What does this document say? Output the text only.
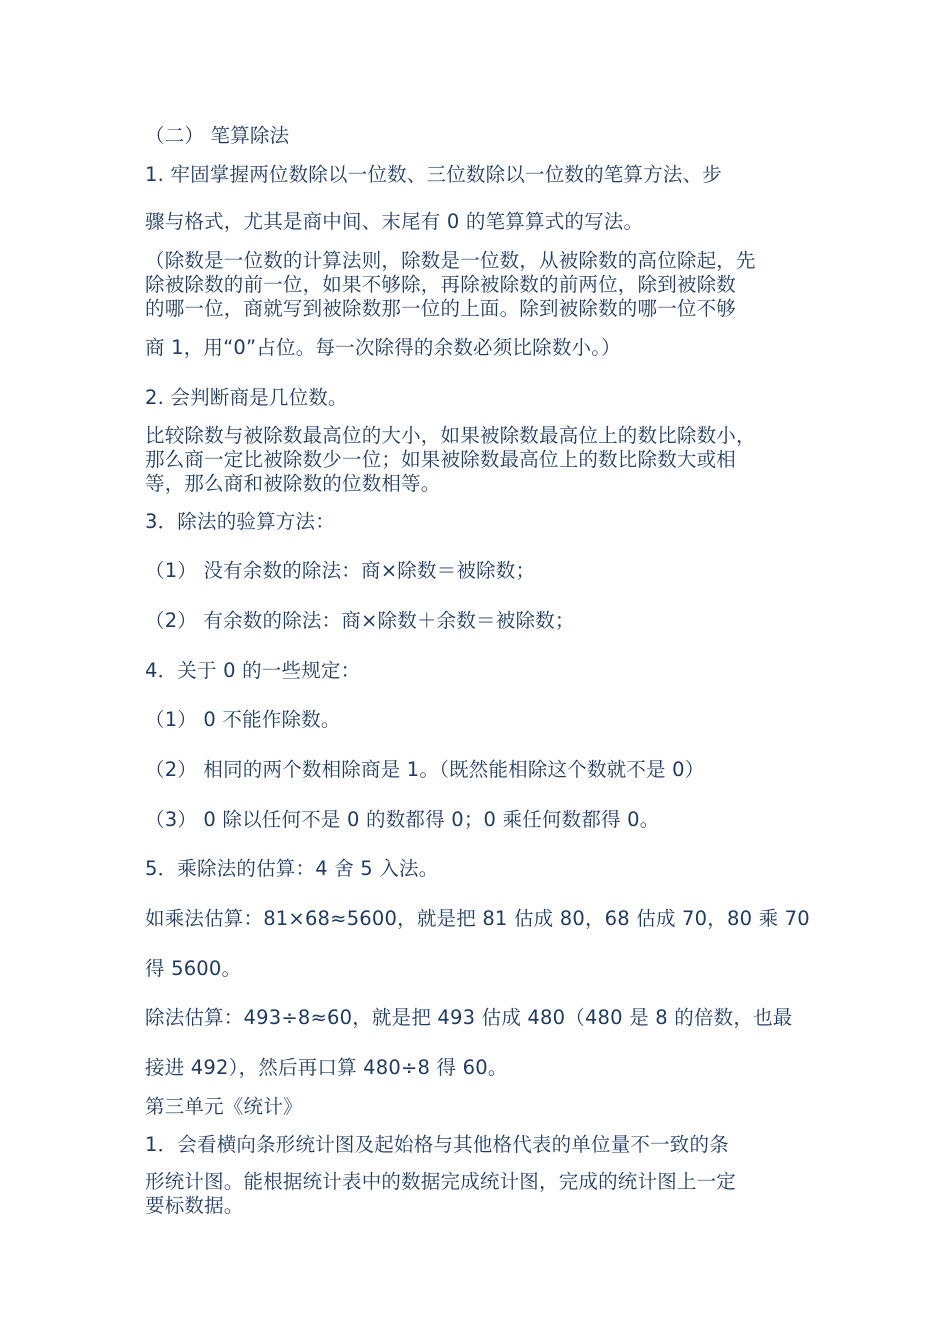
（二） 笔算除法
1. 牢固掌握两位数除以一位数、三位数除以一位数的笔算方法、步
骤与格式，尤其是商中间、末尾有 0 的笔算算式的写法。
（除数是一位数的计算法则，除数是一位数，从被除数的高位除起，先
除被除数的前一位，如果不够除，再除被除数的前两位，除到被除数
的哪一位，商就写到被除数那一位的上面。除到被除数的哪一位不够
商 1，用“0”占位。每一次除得的余数必须比除数小。）
2. 会判断商是几位数。
比较除数与被除数最高位的大小，如果被除数最高位上的数比除数小，
那么商一定比被除数少一位；如果被除数最高位上的数比除数大或相
等，那么商和被除数的位数相等。
3．除法的验算方法：
（1） 没有余数的除法：商×除数＝被除数；
（2） 有余数的除法：商×除数＋余数＝被除数；
4．关于 0 的一些规定：
（1） 0 不能作除数。
（2） 相同的两个数相除商是 1。（既然能相除这个数就不是 0）
（3） 0 除以任何不是 0 的数都得 0；0 乘任何数都得 0。
5．乘除法的估算：4 舍 5 入法。
如乘法估算：81×68≈5600，就是把 81 估成 80，68 估成 70，80 乘 70
得 5600。
除法估算：493÷8≈60，就是把 493 估成 480（480 是 8 的倍数，也最
接进 492），然后再口算 480÷8 得 60。
第三单元《统计》
1．会看横向条形统计图及起始格与其他格代表的单位量不一致的条
形统计图。能根据统计表中的数据完成统计图，完成的统计图上一定
要标数据。
